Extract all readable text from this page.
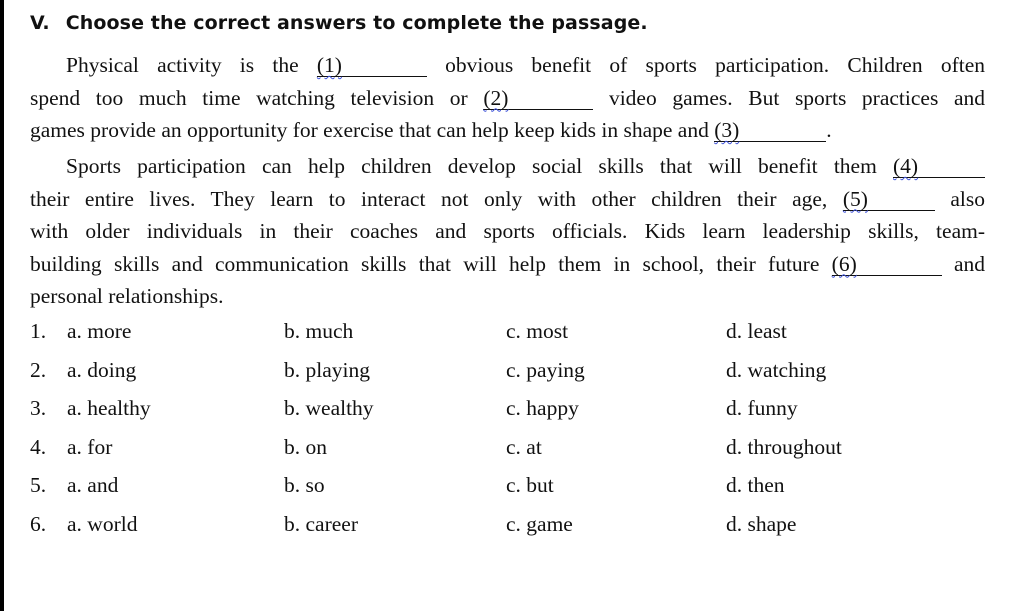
V. Choose the correct answers to complete the passage.
Physical activity is the (1)	obvious benefit of sports participation. Children often
spend too much time watching television or (2)	video games. But sports practices and
games provide an opportunity for exercise that can help keep kids in shape and (3)	.
Sports participation can help children develop social skills that will benefit them (4)
their entire lives. They learn to interact not only with other children their age, (5)	also
with older individuals in their coaches and sports officials. Kids learn leadership skills, team-
building skills and communication skills that will help them in school, their future (6)	and
personal relationships.
1. a. more	b. much	c. most	d. least
2. a. doing	b. playing	c. paying	d. watching
3. a. healthy	b. wealthy	c. happy	d. funny
4. a. for	b. on	c. at	d. throughout
5. a. and	b. so	c. but	d. then
6. a. world	b. career	c. game	d. shape
